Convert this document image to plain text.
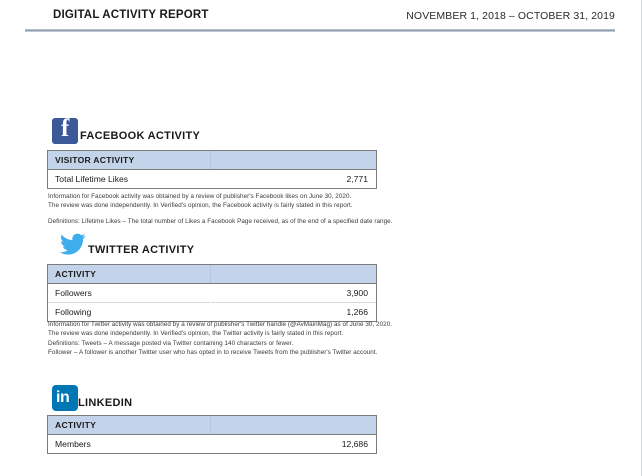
DIGITAL ACTIVITY REPORT	NOVEMBER 1, 2018 – OCTOBER 31, 2019
f
FACEBOOK ACTIVITY
VISITOR ACTIVITY	
Total Lifetime Likes	2,771
Information for Facebook activity was obtained by a review of publisher's Facebook likes on June 30, 2020.
The review was done independently. In Verified's opinion, the Facebook activity is fairly stated in this report.
Definitions: Lifetime Likes – The total number of Likes a Facebook Page received, as of the end of a specified date range.
TWITTER ACTIVITY
ACTIVITY	
Followers	3,900
Following	1,266
Information for Twitter activity was obtained by a review of publisher's Twitter handle (@AvMainMag) as of June 30, 2020.
The review was done independently. In Verified's opinion, the Twitter activity is fairly stated in this report.
Definitions: Tweets – A message posted via Twitter containing 140 characters or fewer.
Follower – A follower is another Twitter user who has opted in to receive Tweets from the publisher's Twitter account.
in
LINKEDIN
ACTIVITY	
Members	12,686
